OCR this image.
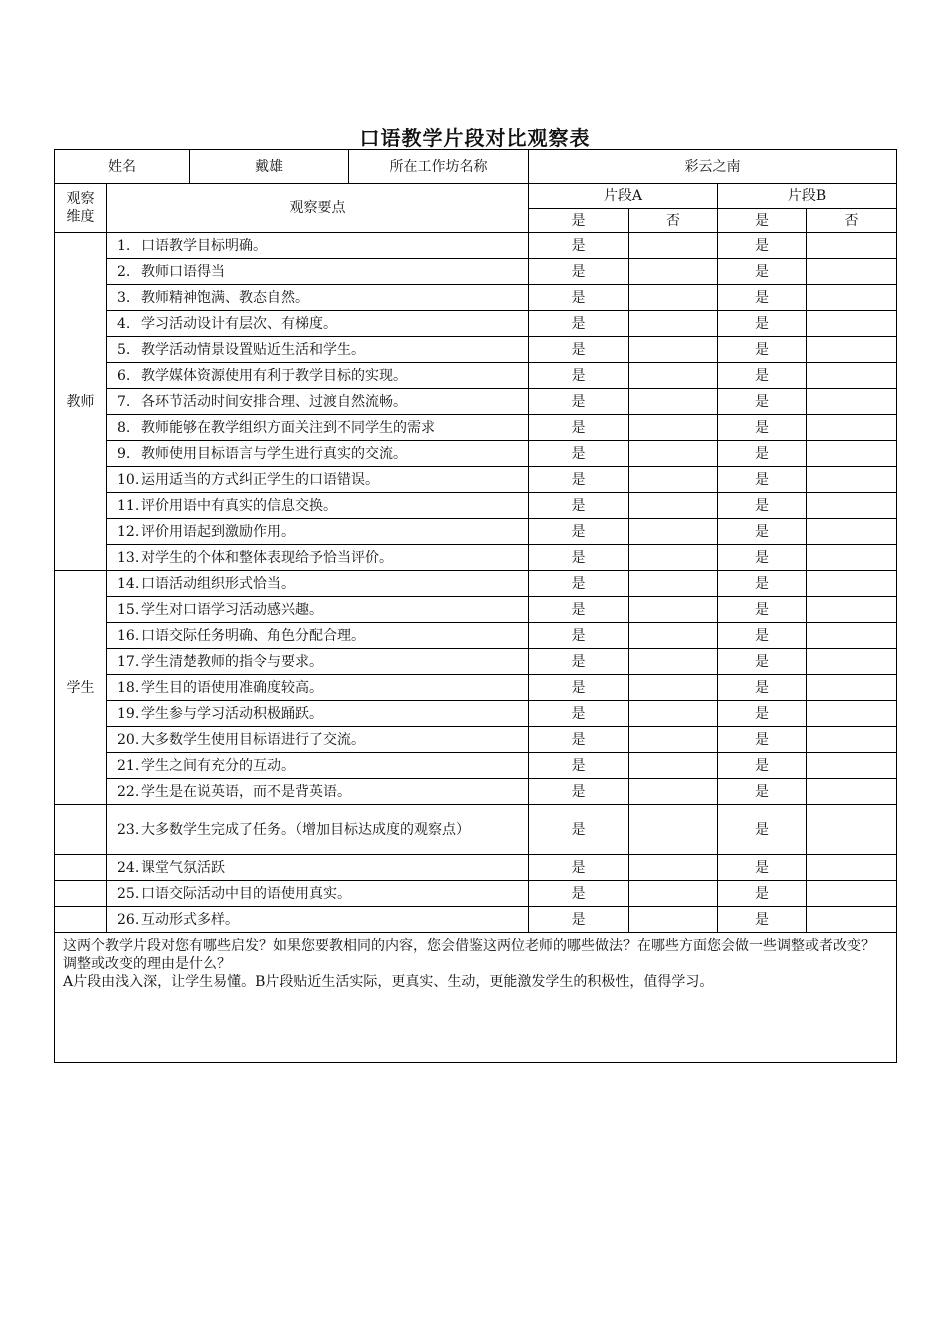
口语教学片段对比观察表
姓名		戴雄	所在工作坊名称	彩云之南			

观察
维度	观察要点			片段A		片段B	
				是	否	是	否
教师	1. 口语教学目标明确。			是		是	
	2. 教师口语得当			是		是	
	3. 教师精神饱满、教态自然。			是		是	
	4. 学习活动设计有层次、有梯度。			是		是	
	5. 教学活动情景设置贴近生活和学生。			是		是	
	6. 教学媒体资源使用有利于教学目标的实现。			是		是	
	7. 各环节活动时间安排合理、过渡自然流畅。			是		是	
	8. 教师能够在教学组织方面关注到不同学生的需求			是		是	
	9. 教师使用目标语言与学生进行真实的交流。			是		是	
	10. 运用适当的方式纠正学生的口语错误。			是		是	
	11. 评价用语中有真实的信息交换。			是		是	
	12. 评价用语起到激励作用。			是		是	
	13. 对学生的个体和整体表现给予恰当评价。			是		是	
学生	14. 口语活动组织形式恰当。			是		是	
	15. 学生对口语学习活动感兴趣。			是		是	
	16. 口语交际任务明确、角色分配合理。			是		是	
	17. 学生清楚教师的指令与要求。			是		是	
	18. 学生目的语使用准确度较高。			是		是	
	19. 学生参与学习活动积极踊跃。			是		是	
	20. 大多数学生使用目标语进行了交流。			是		是	
	21. 学生之间有充分的互动。			是		是	
	22. 学生是在说英语，而不是背英语。			是		是	
	23. 大多数学生完成了任务。（增加目标达成度的观察点）			是		是	
	24. 课堂气氛活跃			是		是	
	25. 口语交际活动中目的语使用真实。			是		是	
	26. 互动形式多样。			是		是	

这两个教学片段对您有哪些启发？如果您要教相同的内容，您会借鉴这两位老师的哪些做法？在哪些方面您会做一些调整或者改变？调整或改变的理由是什么？
A片段由浅入深，让学生易懂。B片段贴近生活实际，更真实、生动，更能激发学生的积极性，值得学习。							
